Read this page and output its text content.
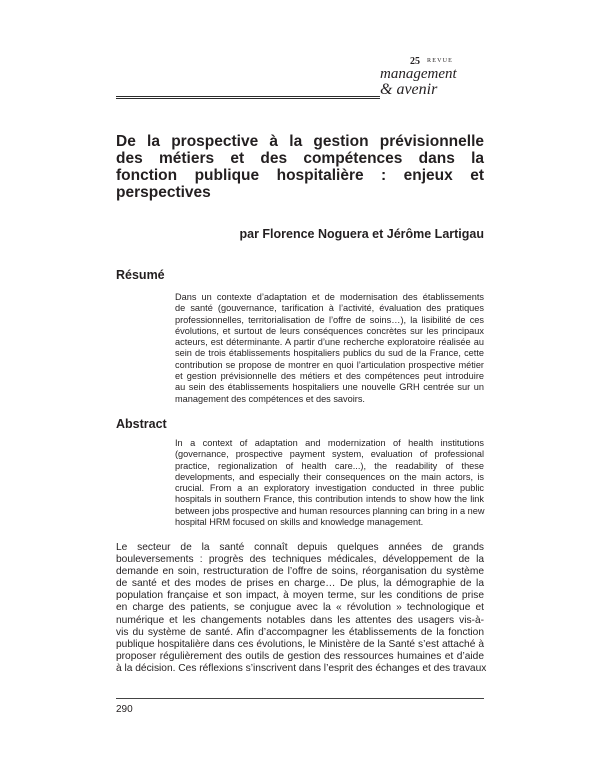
25 REVUE
management
& avenir
De la prospective à la gestion prévisionnelle
des métiers et des compétences dans la
fonction publique hospitalière : enjeux et
perspectives

par Florence Noguera et Jérôme Lartigau

Résumé
Dans un contexte d’adaptation et de modernisation des établissements
de santé (gouvernance, tarification à l’activité, évaluation des pratiques
professionnelles, territorialisation de l’offre de soins…), la lisibilité de ces
évolutions, et surtout de leurs conséquences concrètes sur les principaux
acteurs, est déterminante. A partir d’une recherche exploratoire réalisée au
sein de trois établissements hospitaliers publics du sud de la France, cette
contribution se propose de montrer en quoi l’articulation prospective métier
et gestion prévisionnelle des métiers et des compétences peut introduire
au sein des établissements hospitaliers une nouvelle GRH centrée sur un
management des compétences et des savoirs.
Abstract
In a context of adaptation and modernization of health institutions
(governance, prospective payment system, evaluation of professional
practice, regionalization of health care...), the readability of these
developments, and especially their consequences on the main actors, is
crucial. From a an exploratory investigation conducted in three public
hospitals in southern France, this contribution intends to show how the link
between jobs prospective and human resources planning can bring in a new
hospital HRM focused on skills and knowledge management.
Le secteur de la santé connaît depuis quelques années de grands
bouleversements : progrès des techniques médicales, développement de la
demande en soin, restructuration de l’offre de soins, réorganisation du système
de santé et des modes de prises en charge… De plus, la démographie de la
population française et son impact, à moyen terme, sur les conditions de prise
en charge des patients, se conjugue avec la « révolution » technologique et
numérique et les changements notables dans les attentes des usagers vis-à-
vis du système de santé. Afin d’accompagner les établissements de la fonction
publique hospitalière dans ces évolutions, le Ministère de la Santé s’est attaché à
proposer régulièrement des outils de gestion des ressources humaines et d’aide
à la décision. Ces réflexions s’inscrivent dans l’esprit des échanges et des travaux
290
